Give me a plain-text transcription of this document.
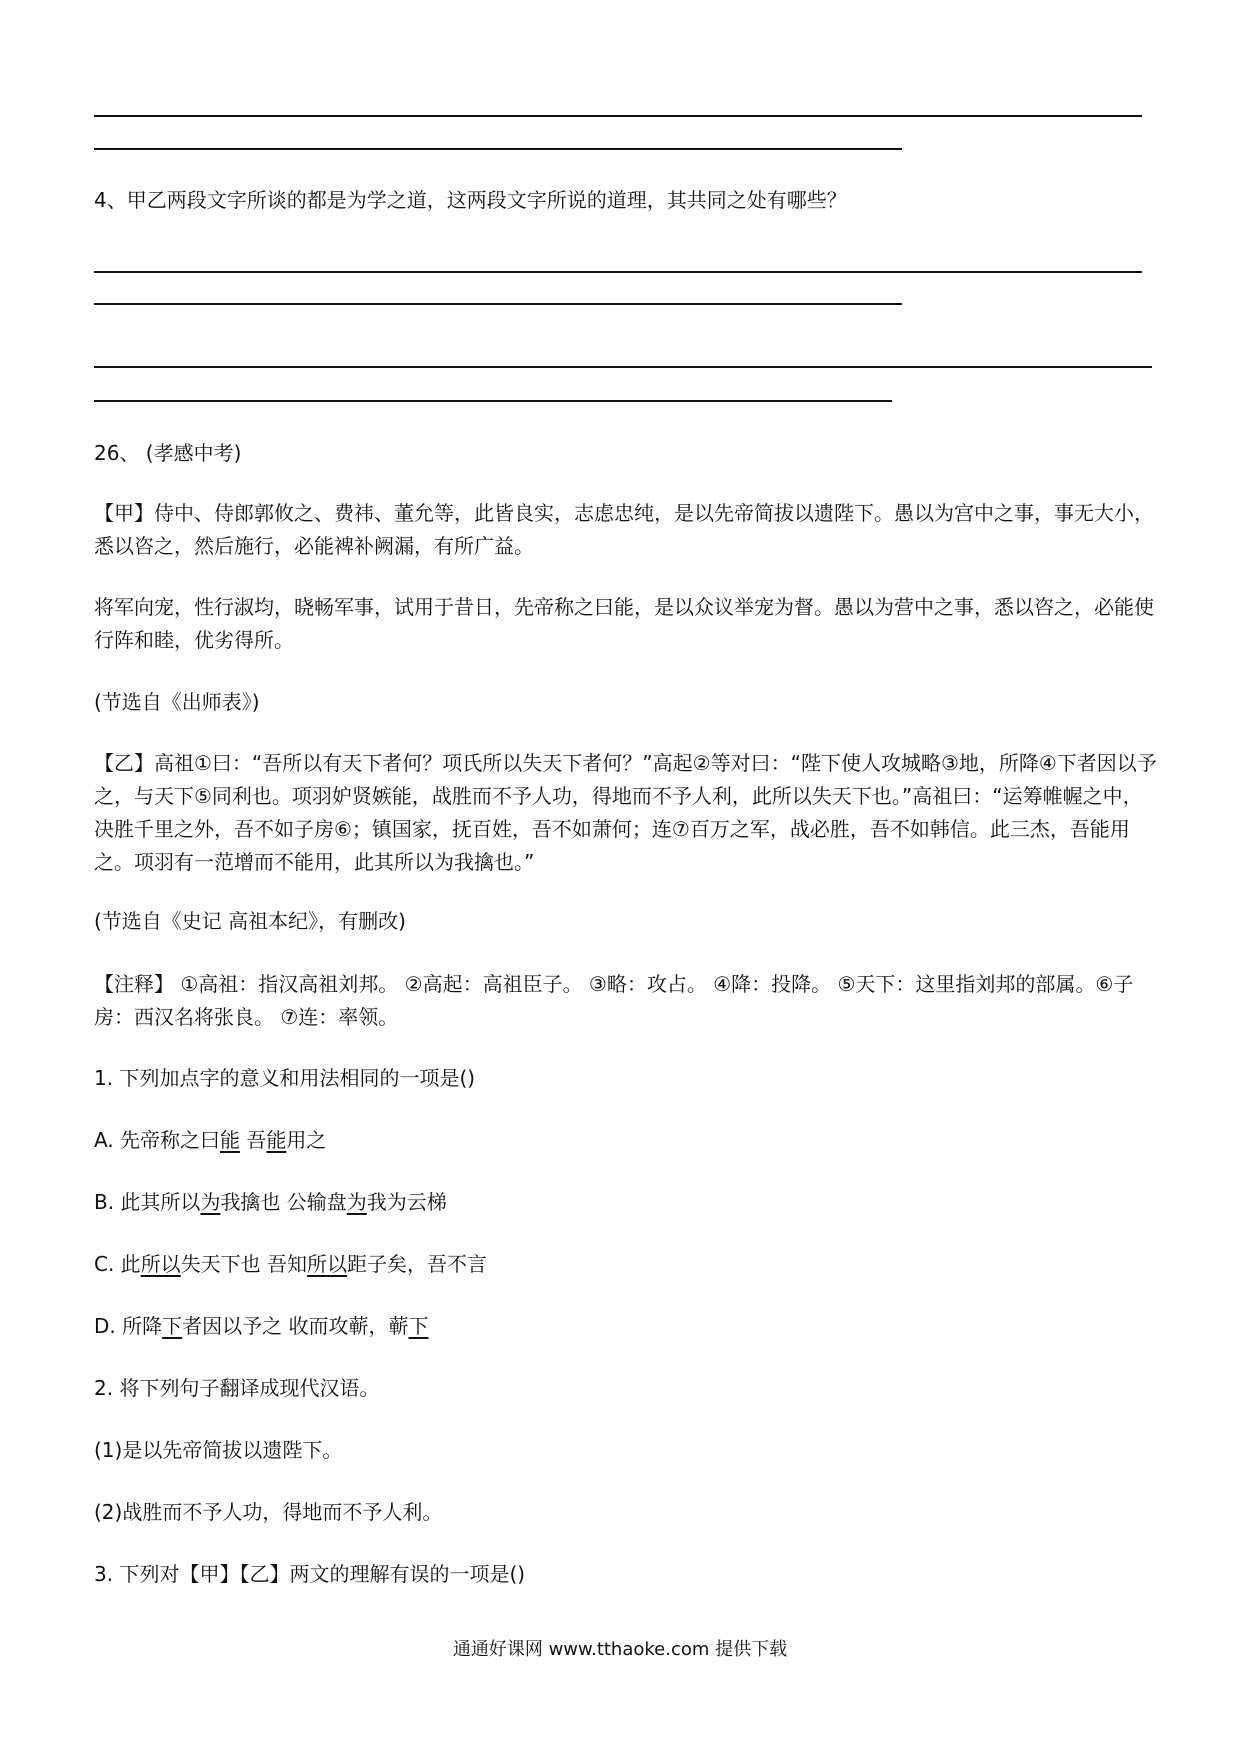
4、甲乙两段文字所谈的都是为学之道，这两段文字所说的道理，其共同之处有哪些？

26、 (孝感中考)

【甲】侍中、侍郎郭攸之、费祎、董允等，此皆良实，志虑忠纯，是以先帝简拔以遗陛下。愚以为宫中之事，事无大小，悉以咨之，然后施行，必能裨补阙漏，有所广益。

将军向宠，性行淑均，晓畅军事，试用于昔日，先帝称之曰能，是以众议举宠为督。愚以为营中之事，悉以咨之，必能使行阵和睦，优劣得所。

(节选自《出师表》)

【乙】高祖①曰：“吾所以有天下者何？项氏所以失天下者何？”高起②等对曰：“陛下使人攻城略③地，所降④下者因以予之，与天下⑤同利也。项羽妒贤嫉能，战胜而不予人功，得地而不予人利，此所以失天下也。”高祖曰：“运筹帷幄之中，决胜千里之外，吾不如子房⑥；镇国家，抚百姓，吾不如萧何；连⑦百万之军，战必胜，吾不如韩信。此三杰，吾能用之。项羽有一范增而不能用，此其所以为我擒也。”

(节选自《史记 高祖本纪》，有删改)

【注释】 ①高祖：指汉高祖刘邦。 ②高起：高祖臣子。 ③略：攻占。 ④降：投降。 ⑤天下：这里指刘邦的部属。⑥子房：西汉名将张良。 ⑦连：率领。

1. 下列加点字的意义和用法相同的一项是()

A. 先帝称之曰能 吾能用之

B. 此其所以为我擒也 公输盘为我为云梯

C. 此所以失天下也 吾知所以距子矣，吾不言

D. 所降下者因以予之 收而攻蕲，蕲下

2. 将下列句子翻译成现代汉语。

(1)是以先帝简拔以遗陛下。

(2)战胜而不予人功，得地而不予人利。

3. 下列对【甲】【乙】两文的理解有误的一项是()

通通好课网 www.tthaoke.com 提供下载
